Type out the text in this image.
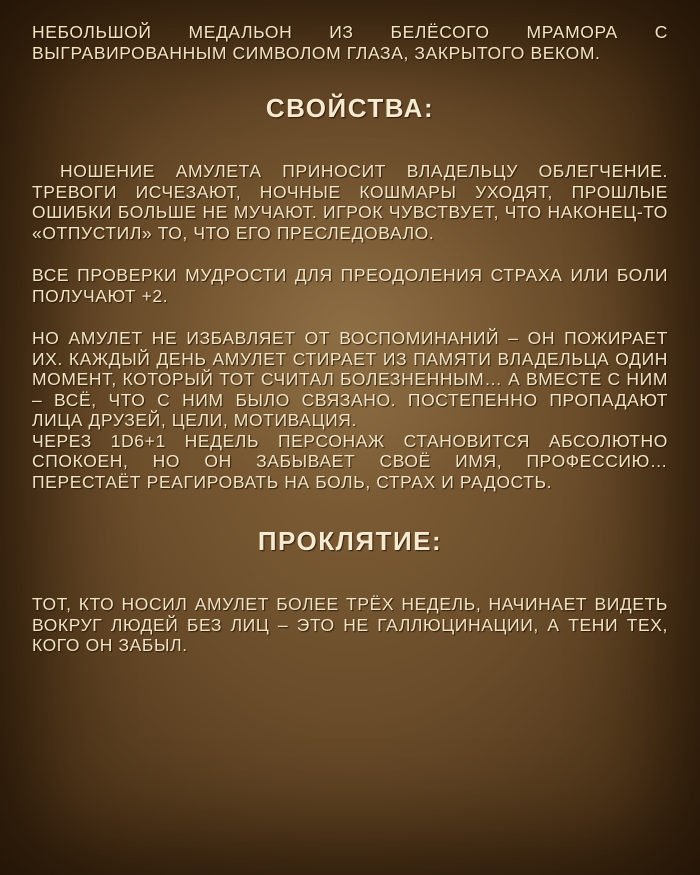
НЕБОЛЬШОЙ МЕДАЛЬОН ИЗ БЕЛЁСОГО МРАМОРА С ВЫГРАВИРОВАННЫМ СИМВОЛОМ ГЛАЗА, ЗАКРЫТОГО ВЕКОМ.

СВОЙСТВА:

НОШЕНИЕ АМУЛЕТА ПРИНОСИТ ВЛАДЕЛЬЦУ ОБЛЕГЧЕНИЕ. ТРЕВОГИ ИСЧЕЗАЮТ, НОЧНЫЕ КОШМАРЫ УХОДЯТ, ПРОШЛЫЕ ОШИБКИ БОЛЬШЕ НЕ МУЧАЮТ. ИГРОК ЧУВСТВУЕТ, ЧТО НАКОНЕЦ-ТО «ОТПУСТИЛ» ТО, ЧТО ЕГО ПРЕСЛЕДОВАЛО.

ВСЕ ПРОВЕРКИ МУДРОСТИ ДЛЯ ПРЕОДОЛЕНИЯ СТРАХА ИЛИ БОЛИ ПОЛУЧАЮТ +2.

НО АМУЛЕТ НЕ ИЗБАВЛЯЕТ ОТ ВОСПОМИНАНИЙ – ОН ПОЖИРАЕТ ИХ. КАЖДЫЙ ДЕНЬ АМУЛЕТ СТИРАЕТ ИЗ ПАМЯТИ ВЛАДЕЛЬЦА ОДИН МОМЕНТ, КОТОРЫЙ ТОТ СЧИТАЛ БОЛЕЗНЕННЫМ… А ВМЕСТЕ С НИМ – ВСЁ, ЧТО С НИМ БЫЛО СВЯЗАНО. ПОСТЕПЕННО ПРОПАДАЮТ ЛИЦА ДРУЗЕЙ, ЦЕЛИ, МОТИВАЦИЯ.

ЧЕРЕЗ 1D6+1 НЕДЕЛЬ ПЕРСОНАЖ СТАНОВИТСЯ АБСОЛЮТНО СПОКОЕН, НО ОН ЗАБЫВАЕТ СВОЁ ИМЯ, ПРОФЕССИЮ… ПЕРЕСТАЁТ РЕАГИРОВАТЬ НА БОЛЬ, СТРАХ И РАДОСТЬ.

ПРОКЛЯТИЕ:

ТОТ, КТО НОСИЛ АМУЛЕТ БОЛЕЕ ТРЁХ НЕДЕЛЬ, НАЧИНАЕТ ВИДЕТЬ ВОКРУГ ЛЮДЕЙ БЕЗ ЛИЦ – ЭТО НЕ ГАЛЛЮЦИНАЦИИ, А ТЕНИ ТЕХ, КОГО ОН ЗАБЫЛ.
